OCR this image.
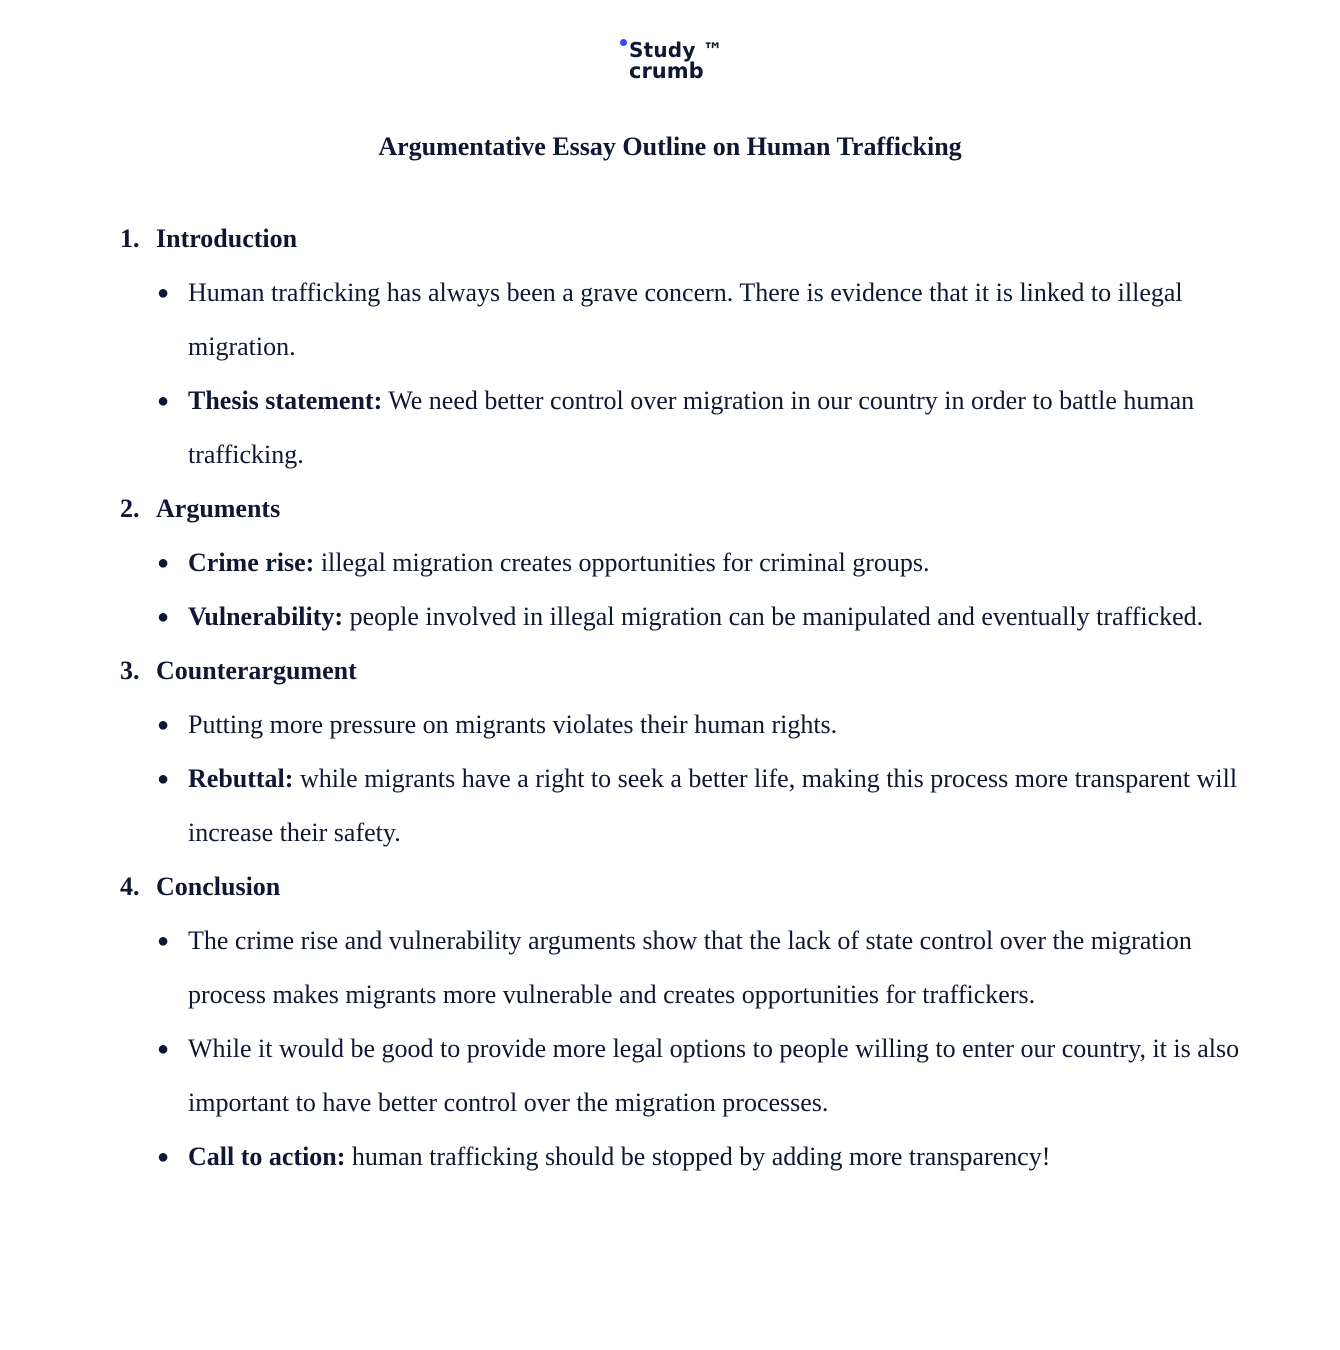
Study ™
crumb
Argumentative Essay Outline on Human Trafficking
1. Introduction
● Human trafficking has always been a grave concern. There is evidence that it is linked to illegal migration.
● Thesis statement: We need better control over migration in our country in order to battle human trafficking.
2. Arguments
● Crime rise: illegal migration creates opportunities for criminal groups.
● Vulnerability: people involved in illegal migration can be manipulated and eventually trafficked.
3. Counterargument
● Putting more pressure on migrants violates their human rights.
● Rebuttal: while migrants have a right to seek a better life, making this process more transparent will increase their safety.
4. Conclusion
● The crime rise and vulnerability arguments show that the lack of state control over the migration process makes migrants more vulnerable and creates opportunities for traffickers.
● While it would be good to provide more legal options to people willing to enter our country, it is also important to have better control over the migration processes.
● Call to action: human trafficking should be stopped by adding more transparency!
